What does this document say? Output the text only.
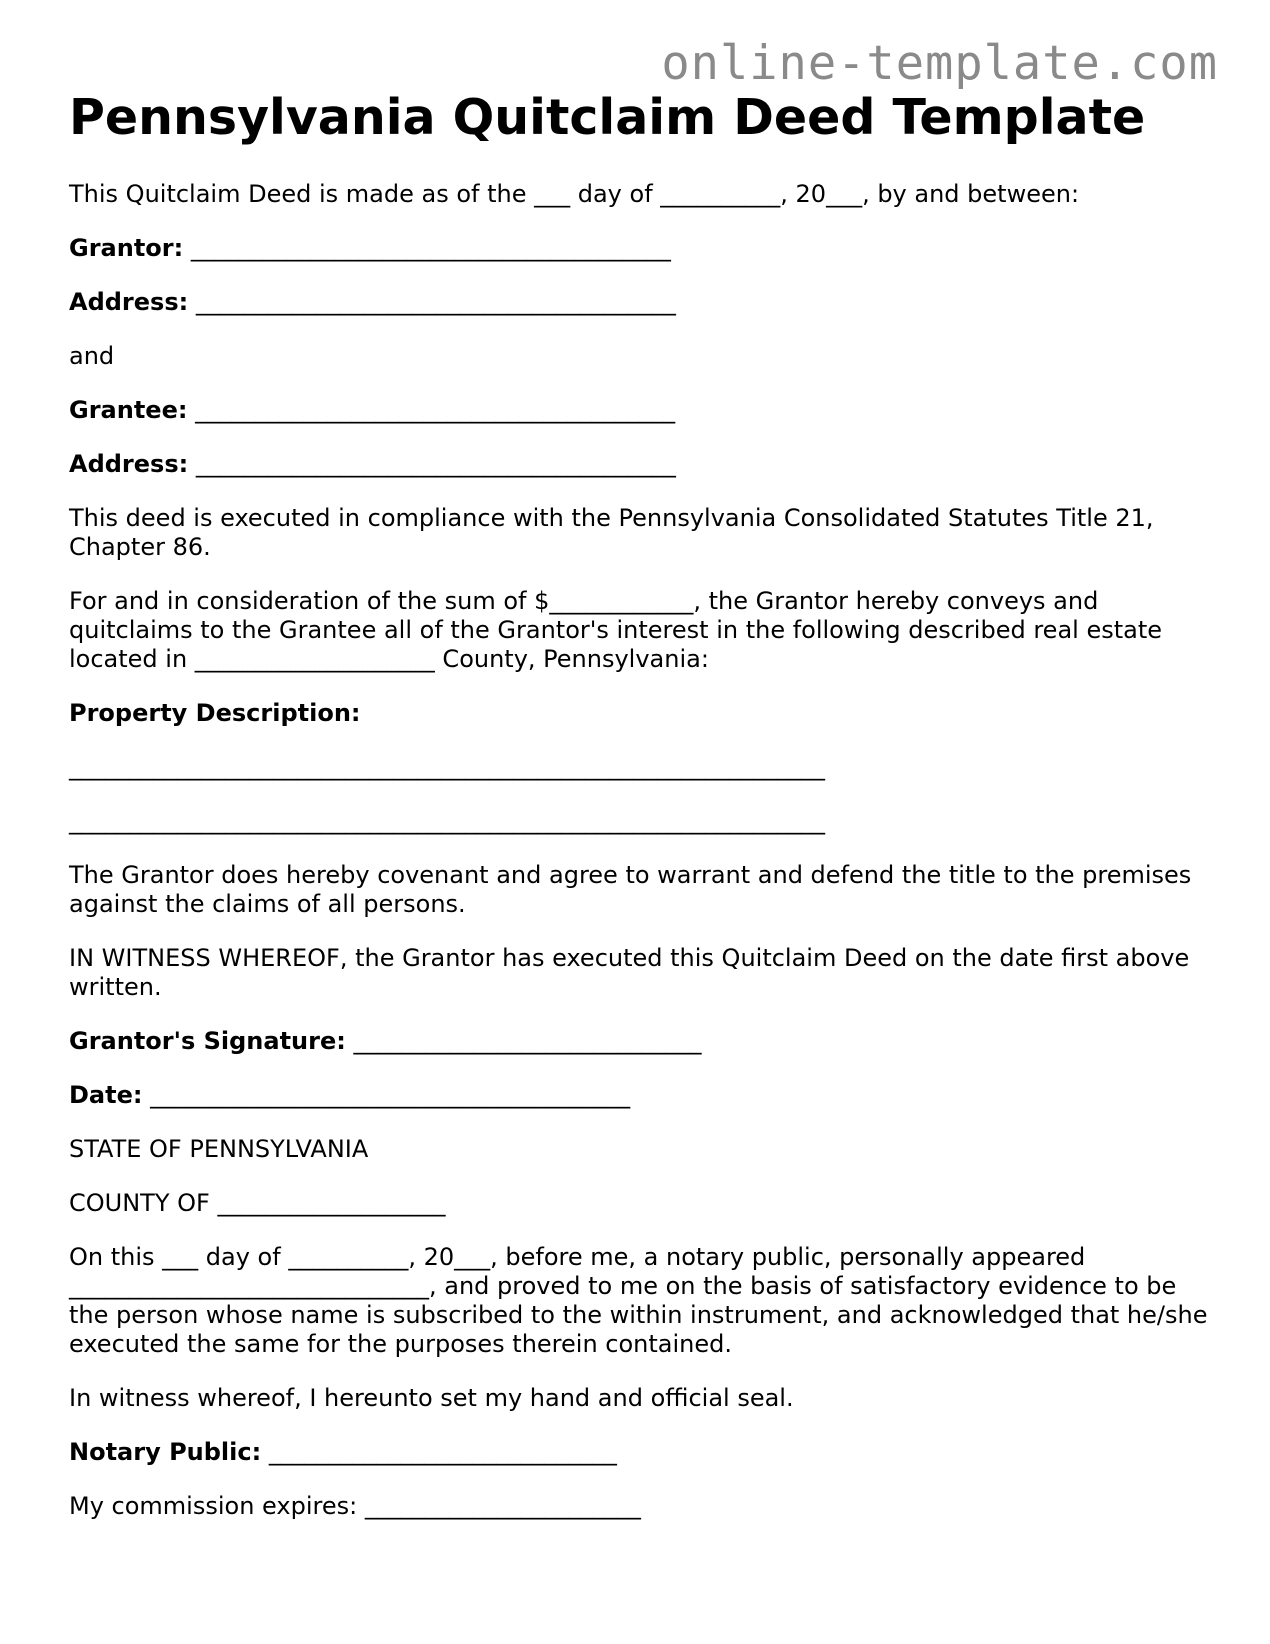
online-template.com
Pennsylvania Quitclaim Deed Template

This Quitclaim Deed is made as of the ___ day of __________, 20___, by and between:

Grantor: ________________________________________

Address: ________________________________________

and

Grantee: ________________________________________

Address: ________________________________________

This deed is executed in compliance with the Pennsylvania Consolidated Statutes Title 21, Chapter 86.

For and in consideration of the sum of $____________, the Grantor hereby conveys and quitclaims to the Grantee all of the Grantor's interest in the following described real estate located in ____________________ County, Pennsylvania:

Property Description:

_______________________________________________________________
_______________________________________________________________

The Grantor does hereby covenant and agree to warrant and defend the title to the premises against the claims of all persons.

IN WITNESS WHEREOF, the Grantor has executed this Quitclaim Deed on the date first above written.

Grantor's Signature: _____________________________

Date: ________________________________________

STATE OF PENNSYLVANIA

COUNTY OF ___________________

On this ___ day of __________, 20___, before me, a notary public, personally appeared ______________________________, and proved to me on the basis of satisfactory evidence to be the person whose name is subscribed to the within instrument, and acknowledged that he/she executed the same for the purposes therein contained.

In witness whereof, I hereunto set my hand and official seal.

Notary Public: _____________________________

My commission expires: _______________________
